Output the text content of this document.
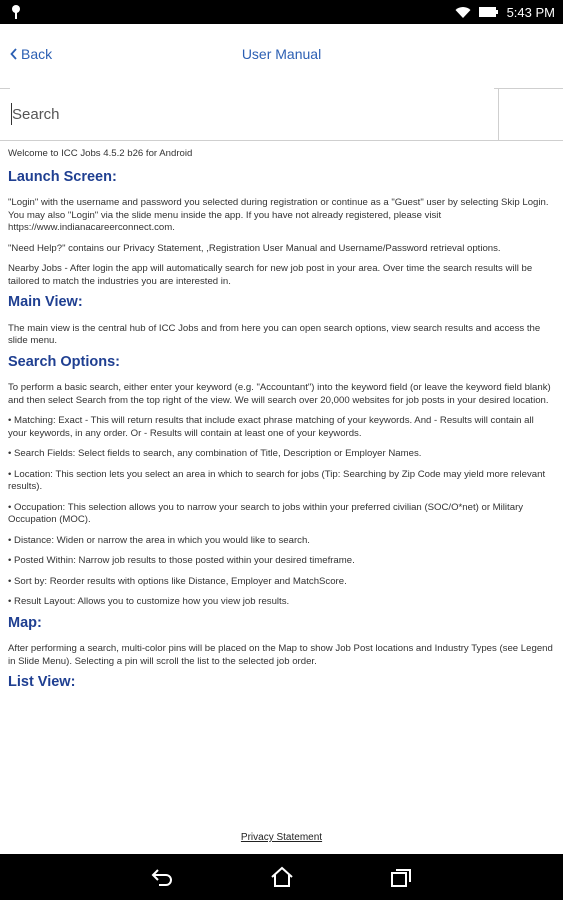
5:43 PM
Back	User Manual
Search

Welcome to ICC Jobs 4.5.2 b26 for Android

Launch Screen:

"Login" with the username and password you selected during registration or continue as a "Guest" user by selecting Skip Login. You may also "Login" via the slide menu inside the app. If you have not already registered, please visit https://www.indianacareerconnect.com.

"Need Help?" contains our Privacy Statement, ,Registration User Manual and Username/Password retrieval options.

Nearby Jobs - After login the app will automatically search for new job post in your area. Over time the search results will be tailored to match the industries you are interested in.

Main View:

The main view is the central hub of ICC Jobs and from here you can open search options, view search results and access the slide menu.

Search Options:

To perform a basic search, either enter your keyword (e.g. "Accountant") into the keyword field (or leave the keyword field blank) and then select Search from the top right of the view. We will search over 20,000 websites for job posts in your desired location.

• Matching: Exact - This will return results that include exact phrase matching of your keywords. And - Results will contain all your keywords, in any order. Or - Results will contain at least one of your keywords.

• Search Fields: Select fields to search, any combination of Title, Description or Employer Names.

• Location: This section lets you select an area in which to search for jobs (Tip: Searching by Zip Code may yield more relevant results).

• Occupation: This selection allows you to narrow your search to jobs within your preferred civilian (SOC/O*net) or Military Occupation (MOC).

• Distance: Widen or narrow the area in which you would like to search.

• Posted Within: Narrow job results to those posted within your desired timeframe.

• Sort by: Reorder results with options like Distance, Employer and MatchScore.

• Result Layout: Allows you to customize how you view job results.

Map:

After performing a search, multi-color pins will be placed on the Map to show Job Post locations and Industry Types (see Legend in Slide Menu). Selecting a pin will scroll the list to the selected job order.

List View:
Privacy Statement
